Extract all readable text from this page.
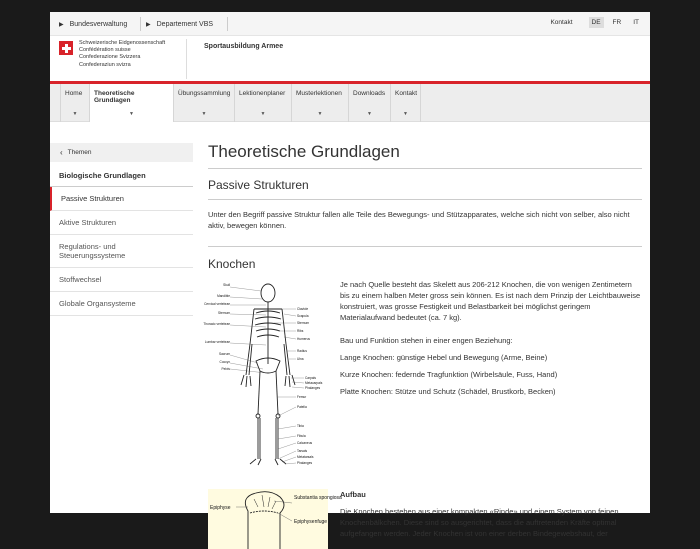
▶ Bundesverwaltung	▶ Departement VBS	Kontakt	DE	FR	IT
Schweizerische Eidgenossenschaft
Confédération suisse
Confederazione Svizzera
Confederaziun svizra
Sportausbildung Armee
Home
▼
Theoretische Grundlagen
▼
Übungssammlung
▼
Lektionenplaner
▼
Musterlektionen
▼
Downloads
▼
Kontakt
▼
‹ Themen
Biologische Grundlagen
Passive Strukturen
Aktive Strukturen
Regulations- und Steuerungssysteme
Stoffwechsel
Globale Organsysteme
Theoretische Grundlagen
Passive Strukturen

Unter den Begriff passive Struktur fallen alle Teile des Bewegungs- und Stützapparates, welche sich nicht von selber, also nicht aktiv, bewegen können.

Knochen
Skull
Mandible
Cervical vertebrae
Sternum
Thoracic vertebrae
Lumbar vertebrae
Sacrum
Coccyx
Pelvis
Clavicle
Scapula
Sternum
Ribs
Humerus
Radius
Ulna
Carpals
Metacarpals
Phalanges
Femur
Patella
Tibia
Fibula
Calcaneus
Tarsals
Metatarsals
Phalanges

Je nach Quelle besteht das Skelett aus 206-212 Knochen, die von wenigen Zentimetern bis zu einem halben Meter gross sein können. Es ist nach dem Prinzip der Leichtbauweise konstruiert, was grosse Festigkeit und Belastbarkeit bei möglichst geringem Materialaufwand bedeutet (ca. 7 kg).

Bau und Funktion stehen in einer engen Beziehung:

Lange Knochen: günstige Hebel und Bewegung (Arme, Beine)

Kurze Knochen: federnde Tragfunktion (Wirbelsäule, Fuss, Hand)

Platte Knochen: Stütze und Schutz (Schädel, Brustkorb, Becken)

Epiphyse
Substantia spongiosa
Epiphysenfuge
Aufbau

Die Knochen bestehen aus einer kompakten «Rinde» und einem System von feinen Knochenbälkchen. Diese sind so ausgerichtet, dass die auftretenden Kräfte optimal aufgefangen werden. Jeder Knochen ist von einer derben Bindegewebshaut, der
